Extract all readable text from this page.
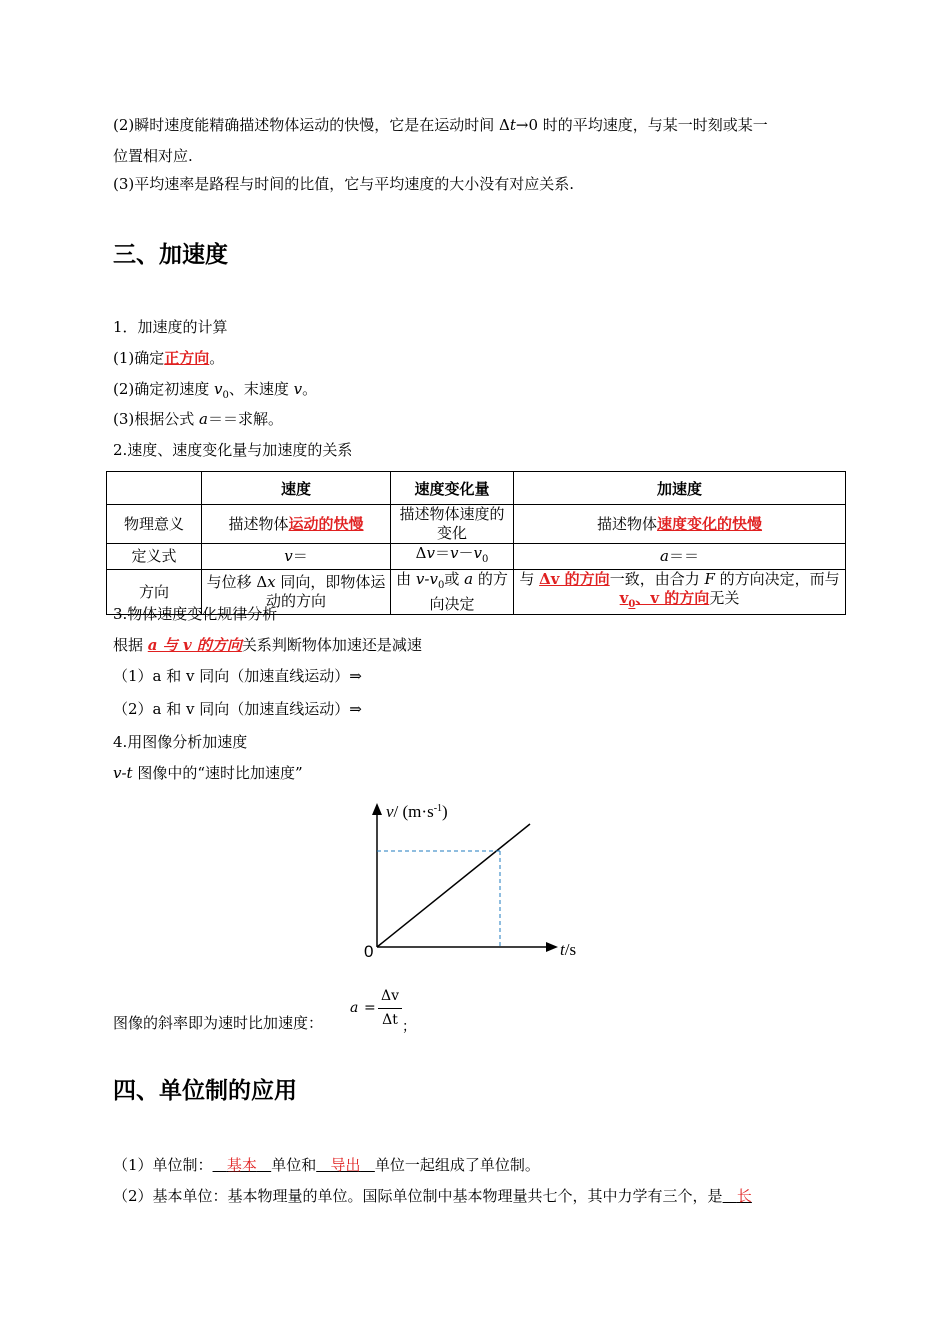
(2)瞬时速度能精确描述物体运动的快慢，它是在运动时间 Δt→0 时的平均速度，与某一时刻或某一
位置相对应.
(3)平均速率是路程与时间的比值，它与平均速度的大小没有对应关系.
三、加速度
1．加速度的计算
(1)确定正方向。
(2)确定初速度 $v_0$、末速度 v。
(3)根据公式 a＝＝求解。
2.速度、速度变化量与加速度的关系
	速度	速度变化量	加速度
物理意义	描述物体运动的快慢	描述物体速度的变化	描述物体速度变化的快慢
定义式	v＝	$\Delta v=v-v_0$	a＝＝
方向	与位移 Δx 同向，即物体运动的方向	由 $v-v_0$或 a 的方向决定	与 Δv 的方向一致，由合力 F 的方向决定，而与 $v_0$、v 的方向无关
3.物体速度变化规律分析
根据 a 与 v 的方向关系判断物体加速还是减速
（1）a 和 v 同向（加速直线运动）⇒
（2）a 和 v 同向（加速直线运动）⇒
4.用图像分析加速度
v-t 图像中的“速时比加速度”
v/ $(m\cdot s^{-1})$
t/s
0
图像的斜率即为速时比加速度：
a =
Δv
Δt ；
四、单位制的应用
（1）单位制： 基本 单位和 导出 单位一起组成了单位制。
（2）基本单位：基本物理量的单位。国际单位制中基本物理量共七个，其中力学有三个，是 长
